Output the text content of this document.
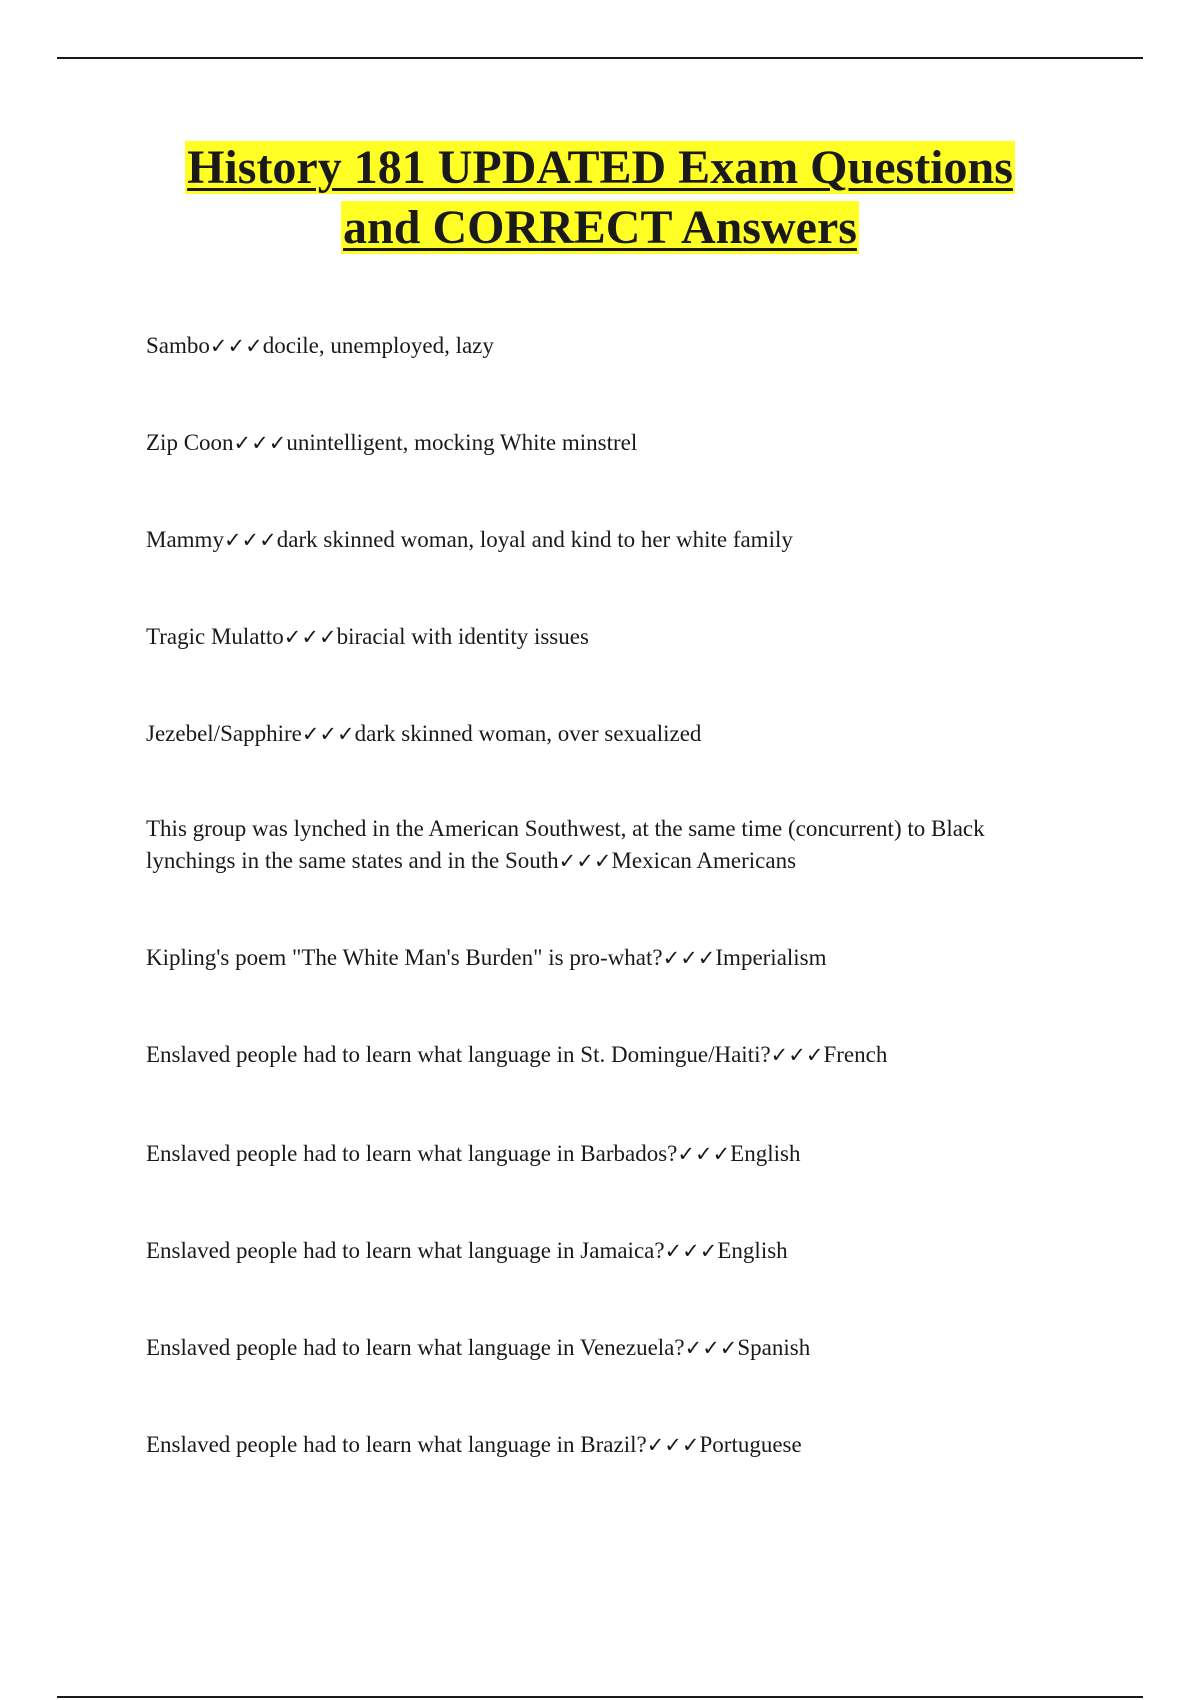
History 181 UPDATED Exam Questions
and CORRECT Answers
Sambo✓✓✓docile, unemployed, lazy
Zip Coon✓✓✓unintelligent, mocking White minstrel
Mammy✓✓✓dark skinned woman, loyal and kind to her white family
Tragic Mulatto✓✓✓biracial with identity issues
Jezebel/Sapphire✓✓✓dark skinned woman, over sexualized
This group was lynched in the American Southwest, at the same time (concurrent) to Black lynchings in the same states and in the South✓✓✓Mexican Americans
Kipling's poem "The White Man's Burden" is pro-what?✓✓✓Imperialism
Enslaved people had to learn what language in St. Domingue/Haiti?✓✓✓French
Enslaved people had to learn what language in Barbados?✓✓✓English
Enslaved people had to learn what language in Jamaica?✓✓✓English
Enslaved people had to learn what language in Venezuela?✓✓✓Spanish
Enslaved people had to learn what language in Brazil?✓✓✓Portuguese
